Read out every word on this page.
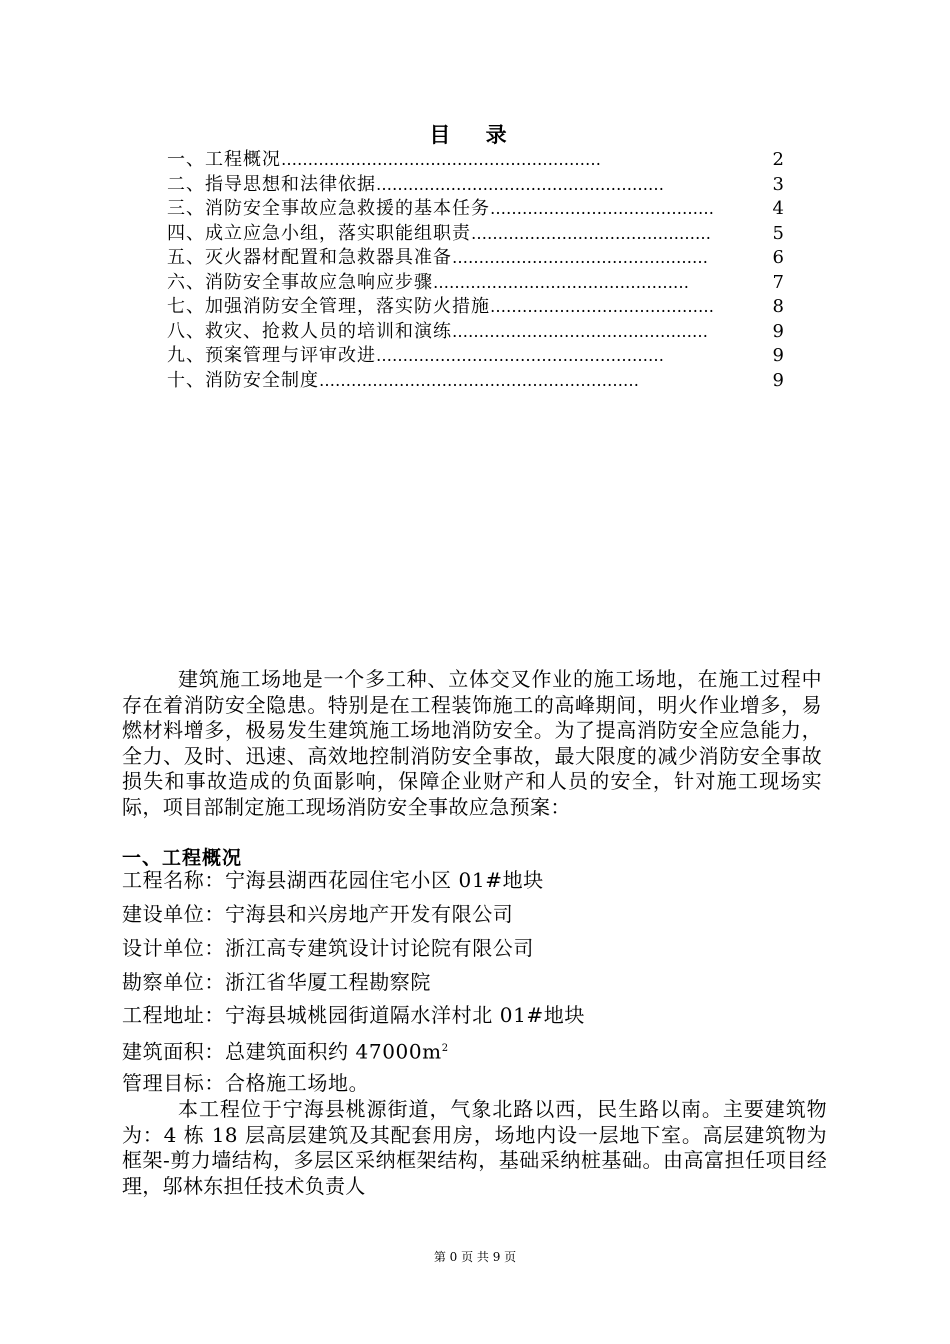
目 录
一、 工程概况 ……………………………………………………	2
二、 指导思想和法律依据 ………………………………………………	3
三、 消防安全事故应急救援的基本任务 ……………………………………	4
四、 成立应急小组，落实职能组职责 ………………………………………	5
五、 灭火器材配置和急救器具准备 …………………………………………	6
六、 消防安全事故应急响应步骤 …………………………………………	7
七、 加强消防安全管理，落实防火措施 ……………………………………	8
八、 救灾、抢救人员的培训和演练 …………………………………………	9
九、 预案管理与评审改进 ………………………………………………	9
十、 消防安全制度 ……………………………………………………	9

建筑施工场地是一个多工种、立体交叉作业的施工场地，在施工过程中存在着消防安全隐患。特别是在工程装饰施工的高峰期间，明火作业增多，易燃材料增多，极易发生建筑施工场地消防安全。为了提高消防安全应急能力，全力、及时、迅速、高效地控制消防安全事故，最大限度的减少消防安全事故损失和事故造成的负面影响，保障企业财产和人员的安全，针对施工现场实际，项目部制定施工现场消防安全事故应急预案：

一、工程概况
工程名称：宁海县湖西花园住宅小区 01#地块
建设单位：宁海县和兴房地产开发有限公司
设计单位：浙江高专建筑设计讨论院有限公司
勘察单位：浙江省华厦工程勘察院
工程地址：宁海县城桃园街道隔水洋村北 01#地块
建筑面积：总建筑面积约 $47000m^2$
管理目标：合格施工场地。

本工程位于宁海县桃源街道，气象北路以西，民生路以南。主要建筑物为：4 栋 18 层高层建筑及其配套用房，场地内设一层地下室。高层建筑物为框架-剪力墙结构，多层区采纳框架结构，基础采纳桩基础。由高富担任项目经理，邬林东担任技术负责人

第 0 页 共 9 页
